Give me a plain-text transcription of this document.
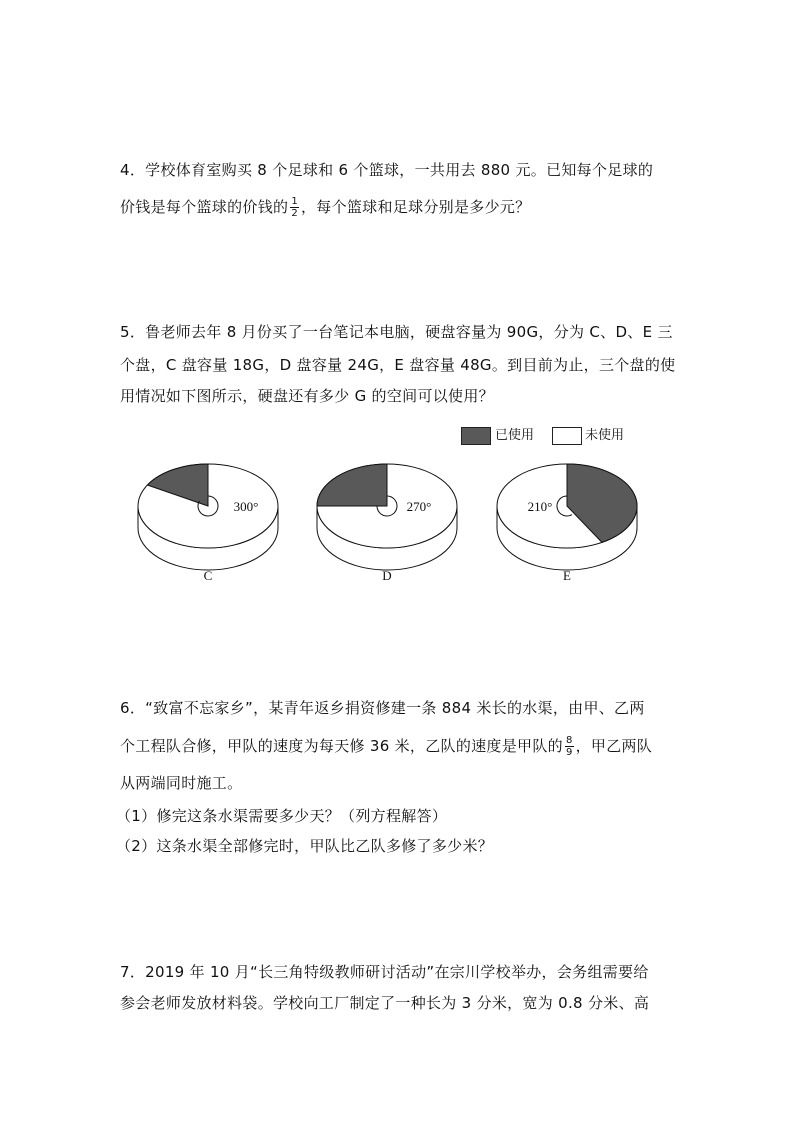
4．学校体育室购买 8 个足球和 6 个篮球，一共用去 880 元。已知每个足球的
价钱是每个篮球的价钱的 $\frac{1}{2}$ ，每个篮球和足球分别是多少元？
5．鲁老师去年 8 月份买了一台笔记本电脑，硬盘容量为 90G，分为 C、D、E 三
个盘，C 盘容量 18G，D 盘容量 24G，E 盘容量 48G。到目前为止，三个盘的使
用情况如下图所示，硬盘还有多少 G 的空间可以使用？
已使用	未使用
300°
C
270°
D
210°
E
6．“致富不忘家乡”，某青年返乡捐资修建一条 884 米长的水渠，由甲、乙两
个工程队合修，甲队的速度为每天修 36 米，乙队的速度是甲队的 $\frac{8}{9}$ ，甲乙两队
从两端同时施工。
（1）修完这条水渠需要多少天？（列方程解答）
（2）这条水渠全部修完时，甲队比乙队多修了多少米？
7．2019 年 10 月“长三角特级教师研讨活动”在宗川学校举办，会务组需要给
参会老师发放材料袋。学校向工厂制定了一种长为 3 分米，宽为 0.8 分米、高
